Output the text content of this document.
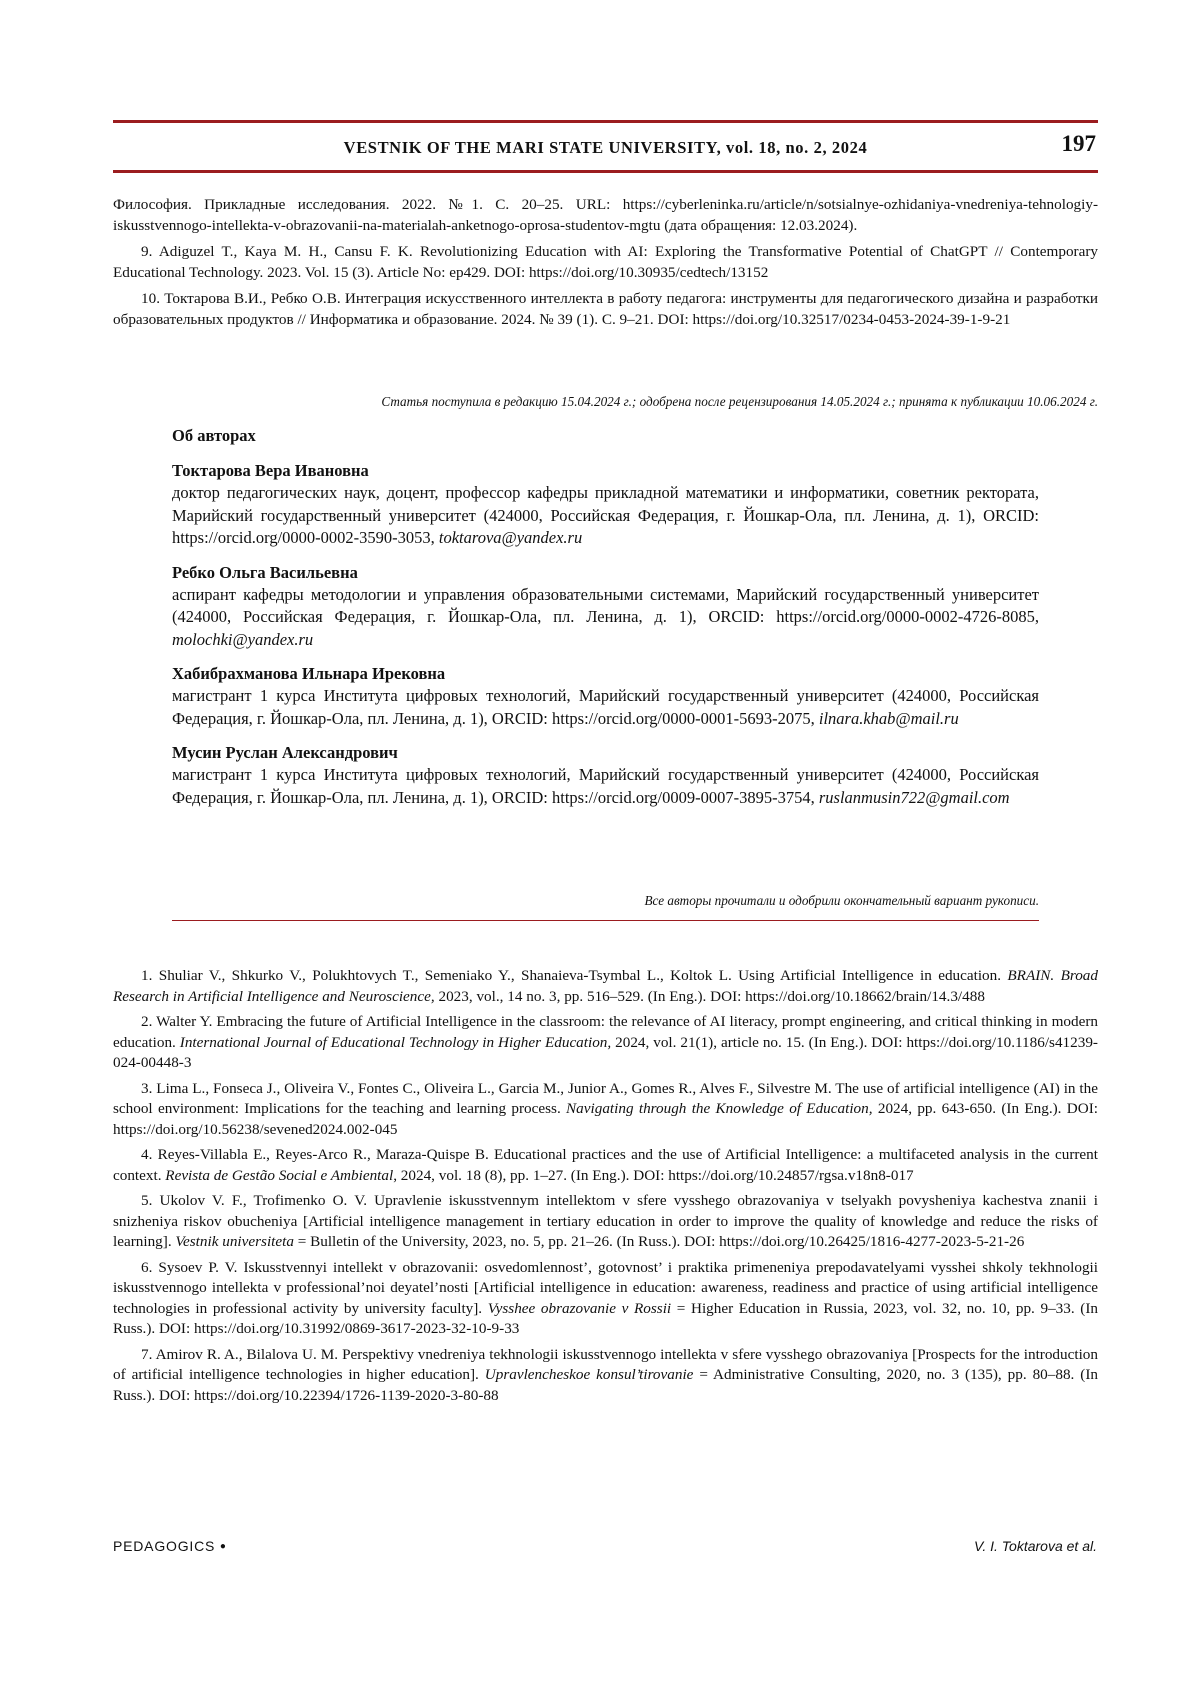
VESTNIK OF THE MARI STATE UNIVERSITY, vol. 18, no. 2, 2024	197

Философия. Прикладные исследования. 2022. №1. С. 20–25. URL: https://cyberleninka.ru/article/n/sotsialnye-ozhidaniya-vnedreniya-tehnologiy-iskusstvennogo-intellekta-v-obrazovanii-na-materialah-anketnogo-oprosa-studentov-mgtu (дата обращения: 12.03.2024).

9. Adiguzel T., Kaya M. H., Cansu F. K. Revolutionizing Education with AI: Exploring the Transformative Potential of ChatGPT // Contemporary Educational Technology. 2023. Vol. 15 (3). Article No: ep429. DOI: https://doi.org/10.30935/cedtech/13152

10. Токтарова В.И., Ребко О.В. Интеграция искусственного интеллекта в работу педагога: инструменты для педагогического дизайна и разработки образовательных продуктов // Информатика и образование. 2024. № 39 (1). С. 9–21. DOI: https://doi.org/10.32517/0234-0453-2024-39-1-9-21

Статья поступила в редакцию 15.04.2024 г.; одобрена после рецензирования 14.05.2024 г.; принята к публикации 10.06.2024 г.
Об авторах
Токтарова Вера Ивановна
доктор педагогических наук, доцент, профессор кафедры прикладной математики и информатики, советник ректората, Марийский государственный университет (424000, Российская Федерация, г. Йошкар-Ола, пл. Ленина, д. 1), ORCID: https://orcid.org/0000-0002-3590-3053, toktarova@yandex.ru
Ребко Ольга Васильевна
аспирант кафедры методологии и управления образовательными системами, Марийский государственный университет (424000, Российская Федерация, г. Йошкар-Ола, пл. Ленина, д. 1), ORCID: https://orcid.org/0000-0002-4726-8085, molochki@yandex.ru
Хабибрахманова Ильнара Ирековна
магистрант 1 курса Института цифровых технологий, Марийский государственный университет (424000, Российская Федерация, г. Йошкар-Ола, пл. Ленина, д. 1), ORCID: https://orcid.org/0000-0001-5693-2075, ilnara.khab@mail.ru
Мусин Руслан Александрович
магистрант 1 курса Института цифровых технологий, Марийский государственный университет (424000, Российская Федерация, г. Йошкар-Ола, пл. Ленина, д. 1), ORCID: https://orcid.org/0009-0007-3895-3754, ruslanmusin722@gmail.com
Все авторы прочитали и одобрили окончательный вариант рукописи.

1. Shuliar V., Shkurko V., Polukhtovych T., Semeniako Y., Shanaieva-Tsymbal L., Koltok L. Using Artificial Intelligence in education. BRAIN. Broad Research in Artificial Intelligence and Neuroscience, 2023, vol., 14 no. 3, pp. 516–529. (In Eng.). DOI: https://doi.org/10.18662/brain/14.3/488

2. Walter Y. Embracing the future of Artificial Intelligence in the classroom: the relevance of AI literacy, prompt engineering, and critical thinking in modern education. International Journal of Educational Technology in Higher Education, 2024, vol. 21(1), article no. 15. (In Eng.). DOI: https://doi.org/10.1186/s41239-024-00448-3

3. Lima L., Fonseca J., Oliveira V., Fontes C., Oliveira L., Garcia M., Junior A., Gomes R., Alves F., Silvestre M. The use of artificial intelligence (AI) in the school environment: Implications for the teaching and learning process. Navigating through the Knowledge of Education, 2024, pp. 643-650. (In Eng.). DOI: https://doi.org/10.56238/sevened2024.002-045

4. Reyes-Villabla E., Reyes-Arco R., Maraza-Quispe B. Educational practices and the use of Artificial Intelligence: a multifaceted analysis in the current context. Revista de Gestão Social e Ambiental, 2024, vol. 18 (8), pp. 1–27. (In Eng.). DOI: https://doi.org/10.24857/rgsa.v18n8-017

5. Ukolov V. F., Trofimenko O. V. Upravlenie iskusstvennym intellektom v sfere vysshego obrazovaniya v tselyakh povysheniya kachestva znanii i snizheniya riskov obucheniya [Artificial intelligence management in tertiary education in order to improve the quality of knowledge and reduce the risks of learning]. Vestnik universiteta = Bulletin of the University, 2023, no. 5, pp. 21–26. (In Russ.). DOI: https://doi.org/10.26425/1816-4277-2023-5-21-26

6. Sysoev P. V. Iskusstvennyi intellekt v obrazovanii: osvedomlennost’, gotovnost’ i praktika primeneniya prepodavatelyami vysshei shkoly tekhnologii iskusstvennogo intellekta v professional’noi deyatel’nosti [Artificial intelligence in education: awareness, readiness and practice of using artificial intelligence technologies in professional activity by university faculty]. Vysshee obrazovanie v Rossii = Higher Education in Russia, 2023, vol. 32, no. 10, pp. 9–33. (In Russ.). DOI: https://doi.org/10.31992/0869-3617-2023-32-10-9-33

7. Amirov R. A., Bilalova U. M. Perspektivy vnedreniya tekhnologii iskusstvennogo intellekta v sfere vysshego obrazovaniya [Prospects for the introduction of artificial intelligence technologies in higher education]. Upravlencheskoe konsul’tirovanie = Administrative Consulting, 2020, no. 3 (135), pp. 80–88. (In Russ.). DOI: https://doi.org/10.22394/1726-1139-2020-3-80-88

PEDAGOGICS ●	V. I. Toktarova et al.
